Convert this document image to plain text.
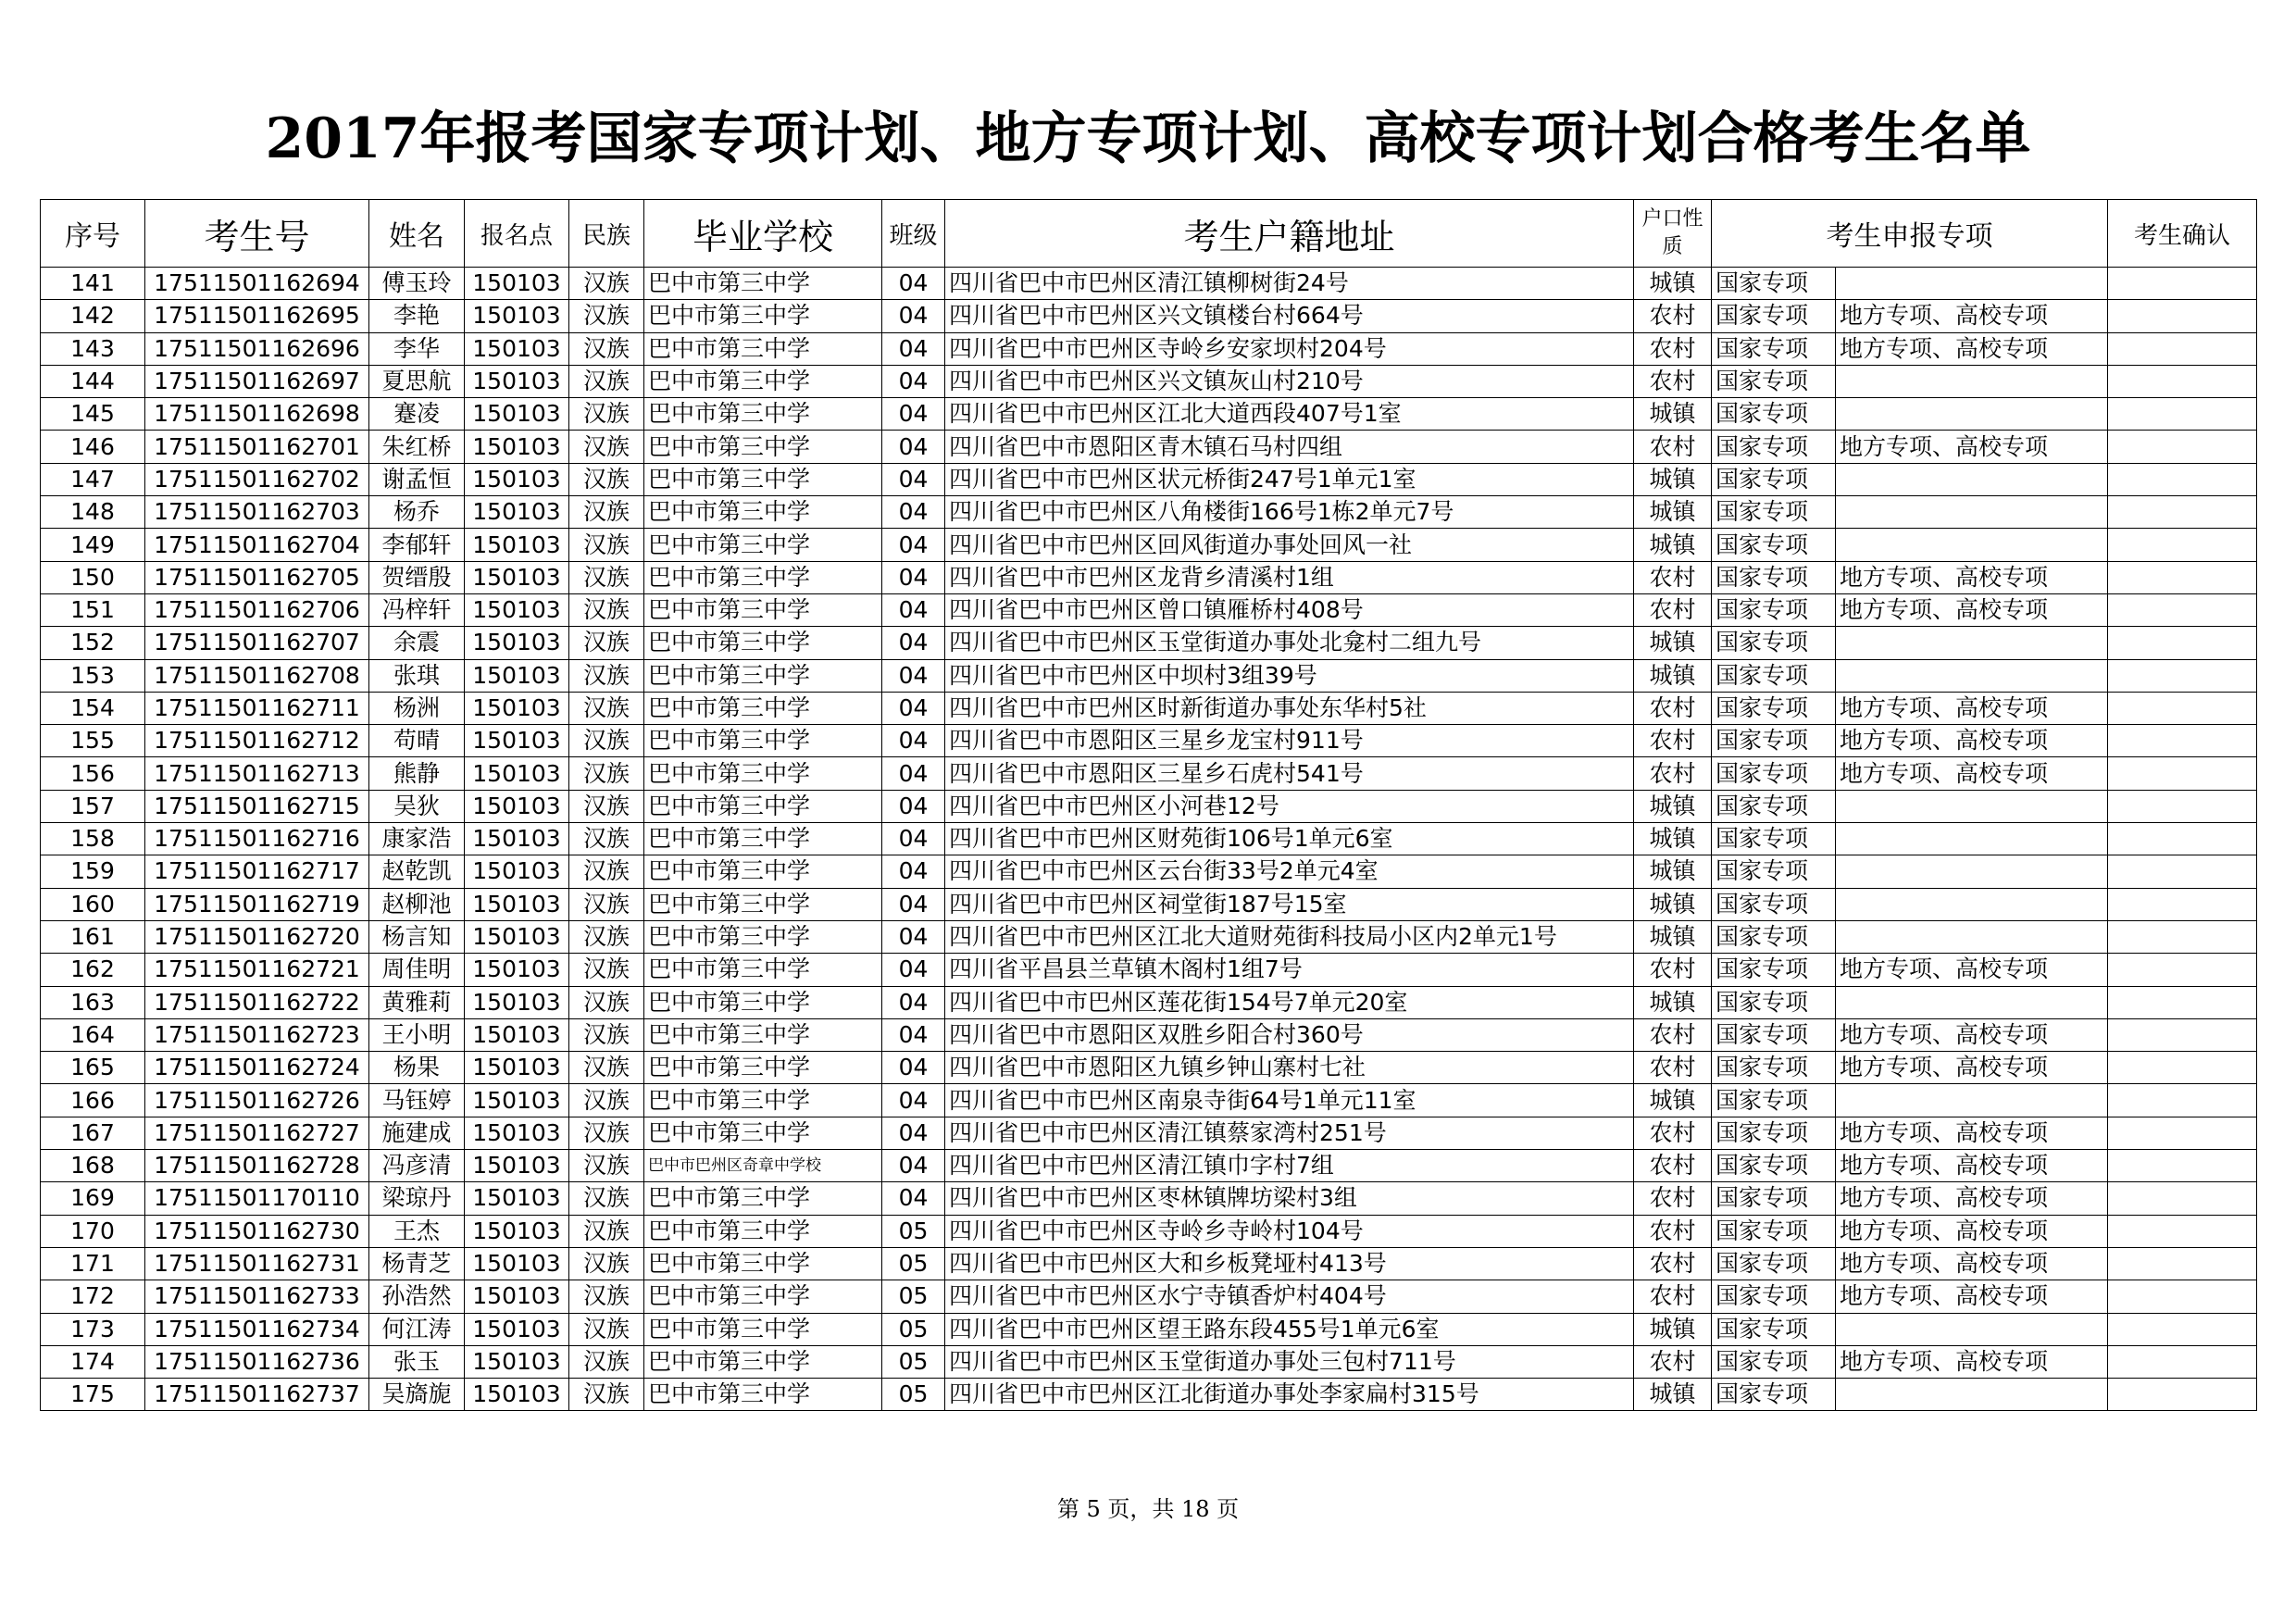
2017年报考国家专项计划、地方专项计划、高校专项计划合格考生名单
序号	考生号	姓名	报名点	民族	毕业学校	班级	考生户籍地址	户口性质	考生申报专项		考生确认
141	17511501162694	傅玉玲	150103	汉族	巴中市第三中学	04	四川省巴中市巴州区清江镇柳树街24号	城镇	国家专项		
142	17511501162695	李艳	150103	汉族	巴中市第三中学	04	四川省巴中市巴州区兴文镇楼台村664号	农村	国家专项	地方专项、高校专项	
143	17511501162696	李华	150103	汉族	巴中市第三中学	04	四川省巴中市巴州区寺岭乡安家坝村204号	农村	国家专项	地方专项、高校专项	
144	17511501162697	夏思航	150103	汉族	巴中市第三中学	04	四川省巴中市巴州区兴文镇灰山村210号	农村	国家专项		
145	17511501162698	蹇凌	150103	汉族	巴中市第三中学	04	四川省巴中市巴州区江北大道西段407号1室	城镇	国家专项		
146	17511501162701	朱红桥	150103	汉族	巴中市第三中学	04	四川省巴中市恩阳区青木镇石马村四组	农村	国家专项	地方专项、高校专项	
147	17511501162702	谢孟恒	150103	汉族	巴中市第三中学	04	四川省巴中市巴州区状元桥街247号1单元1室	城镇	国家专项		
148	17511501162703	杨乔	150103	汉族	巴中市第三中学	04	四川省巴中市巴州区八角楼街166号1栋2单元7号	城镇	国家专项		
149	17511501162704	李郁轩	150103	汉族	巴中市第三中学	04	四川省巴中市巴州区回风街道办事处回风一社	城镇	国家专项		
150	17511501162705	贺缙殷	150103	汉族	巴中市第三中学	04	四川省巴中市巴州区龙背乡清溪村1组	农村	国家专项	地方专项、高校专项	
151	17511501162706	冯梓轩	150103	汉族	巴中市第三中学	04	四川省巴中市巴州区曾口镇雁桥村408号	农村	国家专项	地方专项、高校专项	
152	17511501162707	余震	150103	汉族	巴中市第三中学	04	四川省巴中市巴州区玉堂街道办事处北龛村二组九号	城镇	国家专项		
153	17511501162708	张琪	150103	汉族	巴中市第三中学	04	四川省巴中市巴州区中坝村3组39号	城镇	国家专项		
154	17511501162711	杨洲	150103	汉族	巴中市第三中学	04	四川省巴中市巴州区时新街道办事处东华村5社	农村	国家专项	地方专项、高校专项	
155	17511501162712	苟晴	150103	汉族	巴中市第三中学	04	四川省巴中市恩阳区三星乡龙宝村911号	农村	国家专项	地方专项、高校专项	
156	17511501162713	熊静	150103	汉族	巴中市第三中学	04	四川省巴中市恩阳区三星乡石虎村541号	农村	国家专项	地方专项、高校专项	
157	17511501162715	吴狄	150103	汉族	巴中市第三中学	04	四川省巴中市巴州区小河巷12号	城镇	国家专项		
158	17511501162716	康家浩	150103	汉族	巴中市第三中学	04	四川省巴中市巴州区财苑街106号1单元6室	城镇	国家专项		
159	17511501162717	赵乾凯	150103	汉族	巴中市第三中学	04	四川省巴中市巴州区云台街33号2单元4室	城镇	国家专项		
160	17511501162719	赵柳池	150103	汉族	巴中市第三中学	04	四川省巴中市巴州区祠堂街187号15室	城镇	国家专项		
161	17511501162720	杨言知	150103	汉族	巴中市第三中学	04	四川省巴中市巴州区江北大道财苑街科技局小区内2单元1号	城镇	国家专项		
162	17511501162721	周佳明	150103	汉族	巴中市第三中学	04	四川省平昌县兰草镇木阁村1组7号	农村	国家专项	地方专项、高校专项	
163	17511501162722	黄雅莉	150103	汉族	巴中市第三中学	04	四川省巴中市巴州区莲花街154号7单元20室	城镇	国家专项		
164	17511501162723	王小明	150103	汉族	巴中市第三中学	04	四川省巴中市恩阳区双胜乡阳合村360号	农村	国家专项	地方专项、高校专项	
165	17511501162724	杨果	150103	汉族	巴中市第三中学	04	四川省巴中市恩阳区九镇乡钟山寨村七社	农村	国家专项	地方专项、高校专项	
166	17511501162726	马钰婷	150103	汉族	巴中市第三中学	04	四川省巴中市巴州区南泉寺街64号1单元11室	城镇	国家专项		
167	17511501162727	施建成	150103	汉族	巴中市第三中学	04	四川省巴中市巴州区清江镇蔡家湾村251号	农村	国家专项	地方专项、高校专项	
168	17511501162728	冯彦清	150103	汉族	巴中市巴州区奇章中学校	04	四川省巴中市巴州区清江镇巾字村7组	农村	国家专项	地方专项、高校专项	
169	17511501170110	梁琼丹	150103	汉族	巴中市第三中学	04	四川省巴中市巴州区枣林镇牌坊梁村3组	农村	国家专项	地方专项、高校专项	
170	17511501162730	王杰	150103	汉族	巴中市第三中学	05	四川省巴中市巴州区寺岭乡寺岭村104号	农村	国家专项	地方专项、高校专项	
171	17511501162731	杨青芝	150103	汉族	巴中市第三中学	05	四川省巴中市巴州区大和乡板凳垭村413号	农村	国家专项	地方专项、高校专项	
172	17511501162733	孙浩然	150103	汉族	巴中市第三中学	05	四川省巴中市巴州区水宁寺镇香炉村404号	农村	国家专项	地方专项、高校专项	
173	17511501162734	何江涛	150103	汉族	巴中市第三中学	05	四川省巴中市巴州区望王路东段455号1单元6室	城镇	国家专项		
174	17511501162736	张玉	150103	汉族	巴中市第三中学	05	四川省巴中市巴州区玉堂街道办事处三包村711号	农村	国家专项	地方专项、高校专项	
175	17511501162737	吴旖旎	150103	汉族	巴中市第三中学	05	四川省巴中市巴州区江北街道办事处李家扁村315号	城镇	国家专项		
第 5 页，共 18 页
